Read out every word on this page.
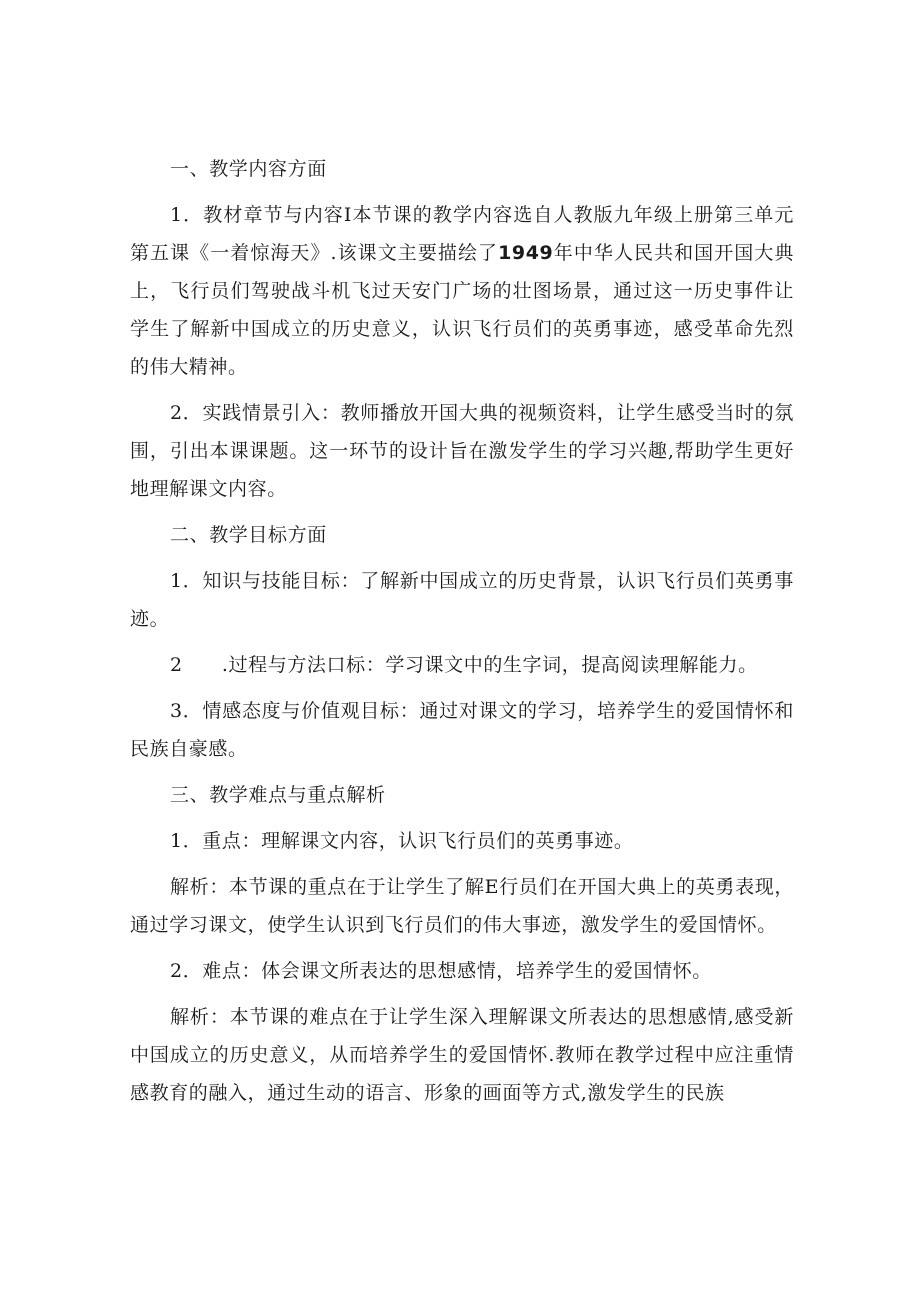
一、教学内容方面

1．教材章节与内容I本节课的教学内容选自人教版九年级上册第三单元第五课《一着惊海天》.该课文主要描绘了1949年中华人民共和国开国大典上，飞行员们驾驶战斗机飞过天安门广场的壮图场景，通过这一历史事件让学生了解新中国成立的历史意义，认识飞行员们的英勇事迹，感受革命先烈的伟大精神。

2．实践情景引入：教师播放开国大典的视频资料，让学生感受当时的氛围，引出本课课题。这一环节的设计旨在激发学生的学习兴趣,帮助学生更好地理解课文内容。

二、教学目标方面

1．知识与技能目标：了解新中国成立的历史背景，认识飞行员们英勇事迹。

2　　.过程与方法口标：学习课文中的生字词，提高阅读理解能力。

3．情感态度与价值观目标：通过对课文的学习，培养学生的爱国情怀和民族自豪感。

三、教学难点与重点解析

1．重点：理解课文内容，认识飞行员们的英勇事迹。

解析：本节课的重点在于让学生了解E行员们在开国大典上的英勇表现，通过学习课文，使学生认识到飞行员们的伟大事迹，激发学生的爱国情怀。

2．难点：体会课文所表达的思想感情，培养学生的爱国情怀。

解析：本节课的难点在于让学生深入理解课文所表达的思想感情,感受新中国成立的历史意义，从而培养学生的爱国情怀.教师在教学过程中应注重情感教育的融入，通过生动的语言、形象的画面等方式,激发学生的民族
